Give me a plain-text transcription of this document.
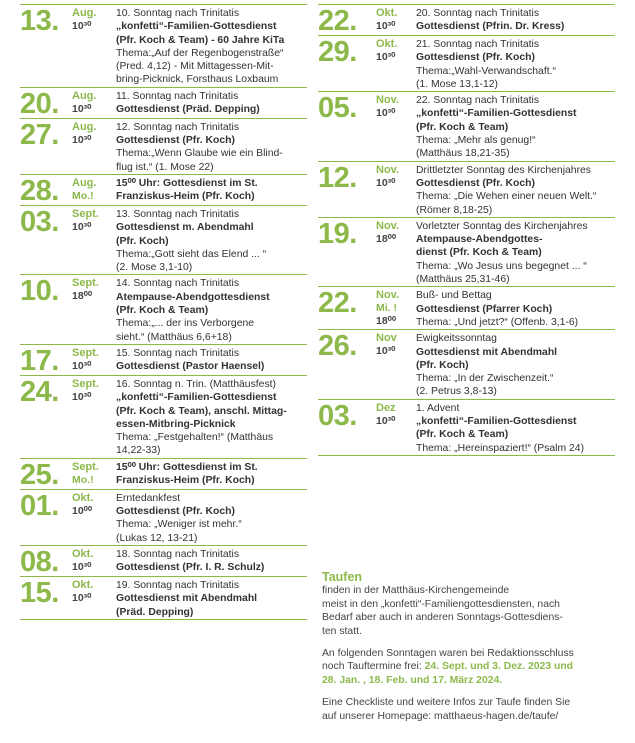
13.	Aug.
10³⁰
10. Sonntag nach Trinitatis
„konfetti“-Familien-Gottesdienst
(Pfr. Koch & Team) - 60 Jahre KiTa
Thema:„Auf der Regenbogenstraße“
(Pred. 4,12) - Mit Mittagessen-Mit-
bring-Picknick, Forsthaus Loxbaum
20.	Aug.
10³⁰
11. Sonntag nach Trinitatis
Gottesdienst (Präd. Depping)
27.	Aug.
10³⁰
12. Sonntag nach Trinitatis
Gottesdienst (Pfr. Koch)
Thema:„Wenn Glaube wie ein Blind-
flug ist.“ (1. Mose 22)
28.	Aug.
Mo.!
15⁰⁰ Uhr: Gottesdienst im St.
Franziskus-Heim (Pfr. Koch)
03.	Sept.
10³⁰
13. Sonntag nach Trinitatis
Gottesdienst m. Abendmahl
(Pfr. Koch)
Thema:„Gott sieht das Elend ... “
(2. Mose 3,1-10)
10.	Sept.
18⁰⁰
14. Sonntag nach Trinitatis
Atempause-Abendgottesdienst
(Pfr. Koch & Team)
Thema:„... der ins Verborgene
sieht.“ (Matthäus 6,6+18)
17.	Sept.
10³⁰
15. Sonntag nach Trinitatis
Gottesdienst (Pastor Haensel)
24.	Sept.
10³⁰
16. Sonntag n. Trin. (Matthäusfest)
„konfetti“-Familien-Gottesdienst
(Pfr. Koch & Team), anschl. Mittag-
essen-Mitbring-Picknick
Thema: „Festgehalten!“ (Matthäus
14,22-33)
25.	Sept.
Mo.!
15⁰⁰ Uhr: Gottesdienst im St.
Franziskus-Heim (Pfr. Koch)
01.	Okt.
10⁰⁰
Erntedankfest
Gottesdienst (Pfr. Koch)
Thema: „Weniger ist mehr.“
(Lukas 12, 13-21)
08.	Okt.
10³⁰
18. Sonntag nach Trinitatis
Gottesdienst (Pfr. I. R. Schulz)
15.	Okt.
10³⁰
19. Sonntag nach Trinitatis
Gottesdienst mit Abendmahl
(Präd. Depping)
22.	Okt.
10³⁰
20. Sonntag nach Trinitatis
Gottesdienst (Pfrin. Dr. Kress)
29.	Okt.
10³⁰
21. Sonntag nach Trinitatis
Gottesdienst (Pfr. Koch)
Thema:„Wahl-Verwandschaft.“
(1. Mose 13,1-12)
05.	Nov.
10³⁰
22. Sonntag nach Trinitatis
„konfetti“-Familien-Gottesdienst
(Pfr. Koch & Team)
Thema: „Mehr als genug!“
(Matthäus 18,21-35)
12.	Nov.
10³⁰
Drittletzter Sonntag des Kirchenjahres
Gottesdienst (Pfr. Koch)
Thema: „Die Wehen einer neuen Welt.“
(Römer 8,18-25)
19.	Nov.
18⁰⁰
Vorletzter Sonntag des Kirchenjahres
Atempause-Abendgottes-
dienst (Pfr. Koch & Team)
Thema: „Wo Jesus uns begegnet ... “
(Matthäus 25,31-46)
22.	Nov.
Mi. !
18⁰⁰
Buß- und Bettag
Gottesdienst (Pfarrer Koch)
Thema: „Und jetzt?“ (Offenb. 3,1-6)
26.	Nov
10³⁰
Ewigkeitssonntag
Gottesdienst mit Abendmahl
(Pfr. Koch)
Thema: „In der Zwischenzeit.“
(2. Petrus 3,8-13)
03.	Dez
10³⁰
1. Advent
„konfetti“-Familien-Gottesdienst
(Pfr. Koch & Team)
Thema: „Hereinspaziert!“ (Psalm 24)

Taufen
finden in der Matthäus-Kirchengemeinde
meist in den „konfetti“-Familiengottesdiensten, nach
Bedarf aber auch in anderen Sonntags-Gottesdiens-
ten statt.

An folgenden Sonntagen waren bei Redaktionsschluss
noch Tauftermine frei: 24. Sept. und 3. Dez. 2023 und
28. Jan. , 18. Feb. und 17. März 2024.

Eine Checkliste und weitere Infos zur Taufe finden Sie
auf unserer Homepage: matthaeus-hagen.de/taufe/
